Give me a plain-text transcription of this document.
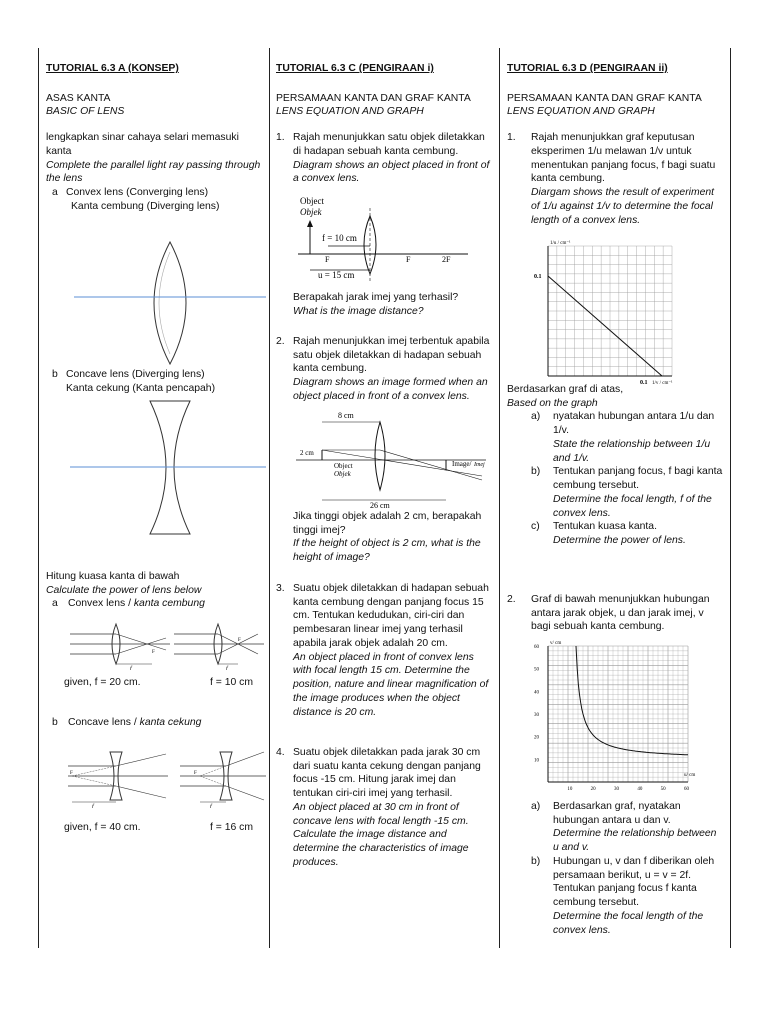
TUTORIAL 6.3 A (KONSEP)
ASAS KANTA
BASIC OF LENS
lengkapkan sinar cahaya selari memasuki kanta
Complete the parallel light ray passing through the lens
a Convex lens (Converging lens)
Kanta cembung (Diverging lens)
b Concave lens (Diverging lens)
Kanta cekung (Kanta pencapah)
Hitung kuasa kanta di bawah
Calculate the power of lens below
a Convex lens / kanta cembung
F
f
F
f
given, f = 20 cm.	f = 10 cm
b Concave lens / kanta cekung
F
f
F
f
given, f = 40 cm.	f = 16 cm
TUTORIAL 6.3 C (PENGIRAAN i)
PERSAMAAN KANTA DAN GRAF KANTA
LENS EQUATION AND GRAPH
1. Rajah menunjukkan satu objek diletakkan di hadapan sebuah kanta cembung.
Diagram shows an object placed in front of a convex lens.
Object
Objek
f = 10 cm
u = 15 cm
F	F	2F
Berapakah jarak imej yang terhasil?
What is the image distance?
2. Rajah menunjukkan imej terbentuk apabila satu objek diletakkan di hadapan sebuah kanta cembung.
Diagram shows an image formed when an object placed in front of a convex lens.
8 cm
2 cm
Object
Objek
Image/ Imej
26 cm
Jika tinggi objek adalah 2 cm, berapakah tinggi imej?
If the height of object is 2 cm, what is the height of image?
3. Suatu objek diletakkan di hadapan sebuah kanta cembung dengan panjang focus 15 cm. Tentukan kedudukan, ciri-ciri dan pembesaran linear imej yang terhasil apabila jarak objek adalah 20 cm.
An object placed in front of convex lens with focal length 15 cm. Determine the position, nature and linear magnification of the image produces when the object distance is 20 cm.
4. Suatu objek diletakkan pada jarak 30 cm dari suatu kanta cekung dengan panjang focus -15 cm. Hitung jarak imej dan tentukan ciri-ciri imej yang terhasil.
An object placed at 30 cm in front of concave lens with focal length -15 cm. Calculate the image distance and determine the characteristics of image produces.
TUTORIAL 6.3 D (PENGIRAAN ii)
PERSAMAAN KANTA DAN GRAF KANTA
LENS EQUATION AND GRAPH
1. Rajah menunjukkan graf keputusan eksperimen 1/u melawan 1/v untuk menentukan panjang focus, f bagi suatu kanta cembung.
Diargam shows the result of experiment of 1/u against 1/v to determine the focal length of a convex lens.
1/u / cm⁻¹
0.1
0.1 1/v / cm⁻¹
Berdasarkan graf di atas,
Based on the graph
a) nyatakan hubungan antara 1/u dan 1/v.
State the relationship between 1/u and 1/v.
b) Tentukan panjang focus, f bagi kanta cembung tersebut.
Determine the focal length, f of the convex lens.
c) Tentukan kuasa kanta.
Determine the power of lens.
2. Graf di bawah menunjukkan hubungan antara jarak objek, u dan jarak imej, v bagi sebuah kanta cembung.
v/ cm
u/ cm
60
50
40
30
20
10
10	20	30	40	50	60
a) Berdasarkan graf, nyatakan hubungan antara u dan v.
Determine the relationship between u and v.
b) Hubungan u, v dan f diberikan oleh persamaan berikut, u = v = 2f. Tentukan panjang focus f kanta cembung tersebut.
Determine the focal length of the convex lens.
